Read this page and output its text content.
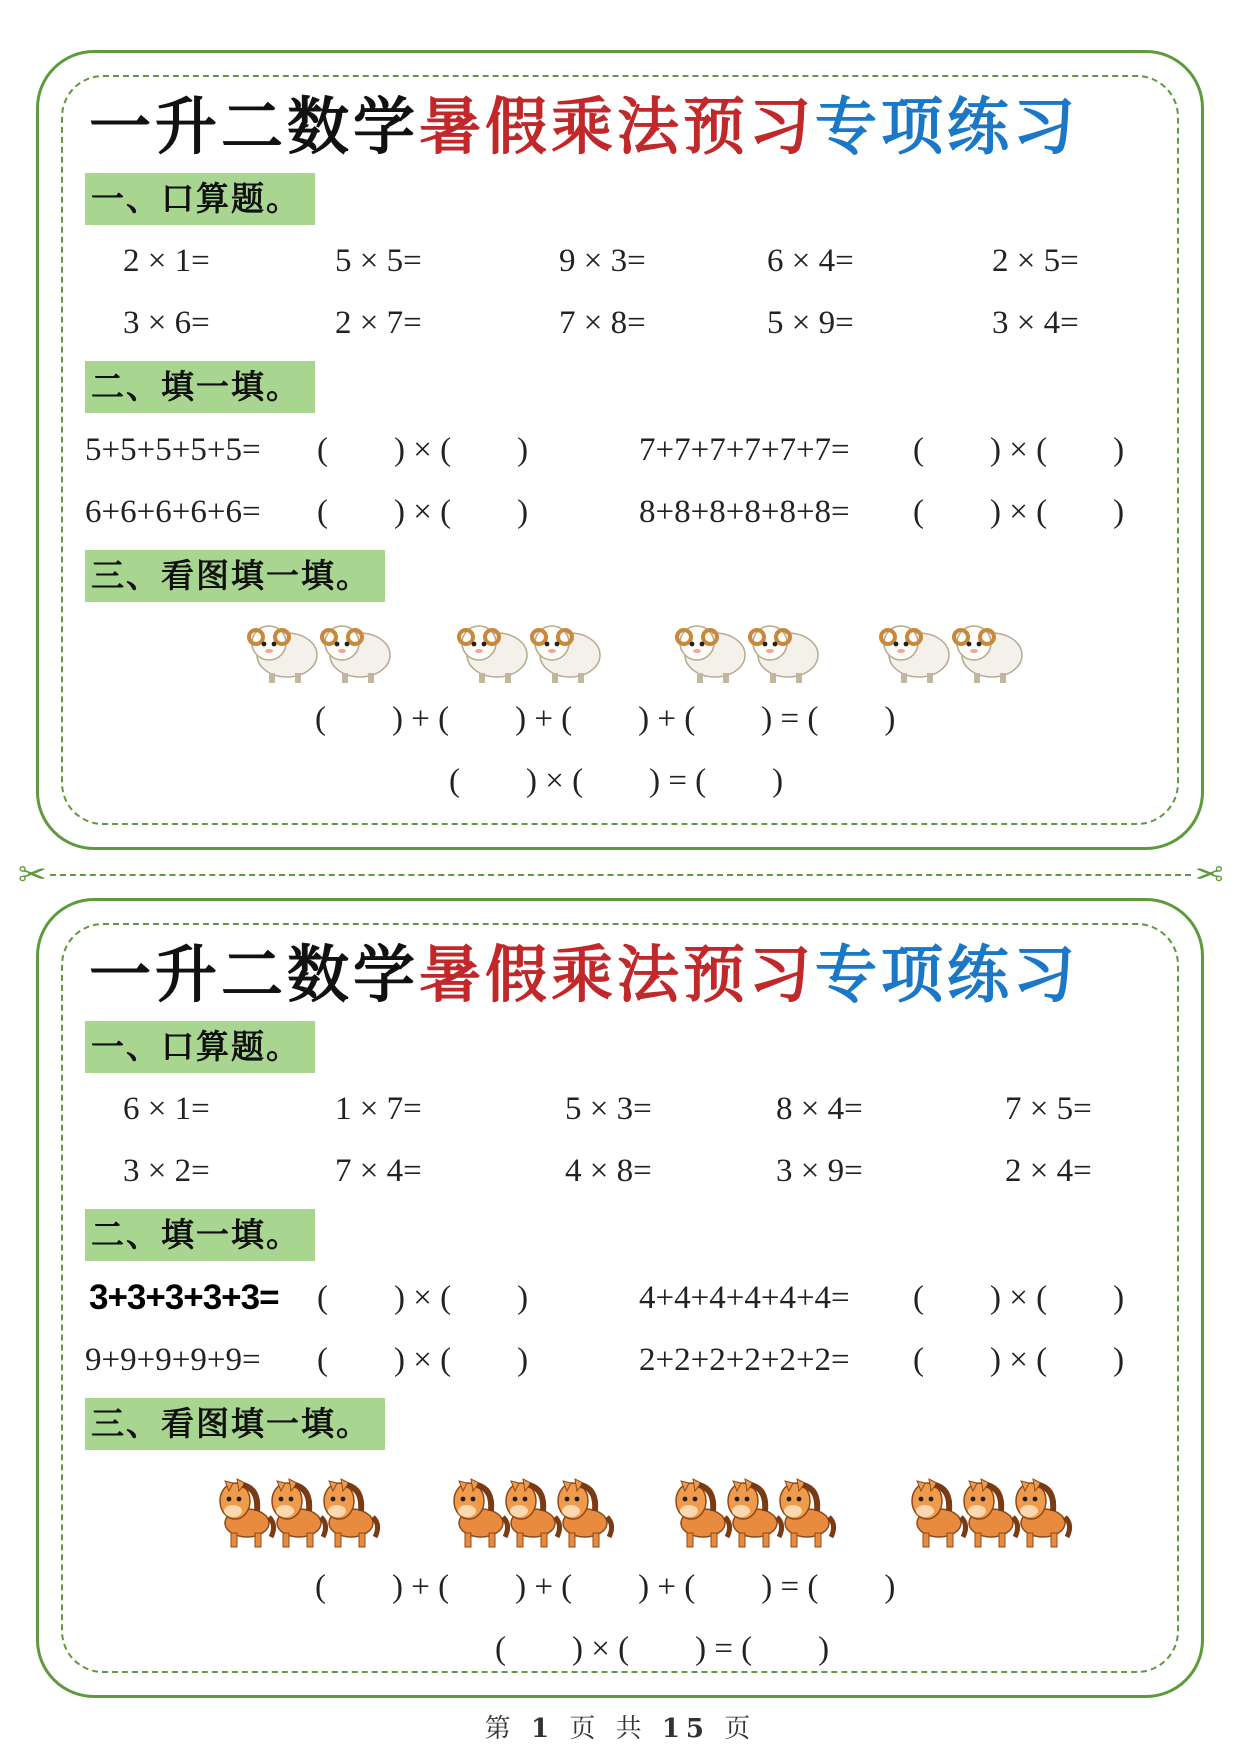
一升二数学暑假乘法预习专项练习
一、口算题。
2 × 1=	5 × 5=	9 × 3=	6 × 4=	2 × 5=
3 × 6=	2 × 7=	7 × 8=	5 × 9=	3 × 4=
二、填一填。
5+5+5+5+5= (　　) × (　　)	7+7+7+7+7+7= (　　) × (　　)
6+6+6+6+6= (　　) × (　　)	8+8+8+8+8+8= (　　) × (　　)
三、看图填一填。
(　　) + (　　) + (　　) + (　　) = (　　)
(　　) × (　　) = (　　)
✂	✂
一升二数学暑假乘法预习专项练习
一、口算题。
6 × 1=	1 × 7=	5 × 3=	8 × 4=	7 × 5=
3 × 2=	7 × 4=	4 × 8=	3 × 9=	2 × 4=
二、填一填。
3+3+3+3+3= (　　) × (　　)	4+4+4+4+4+4= (　　) × (　　)
9+9+9+9+9= (　　) × (　　)	2+2+2+2+2+2= (　　) × (　　)
三、看图填一填。
(　　) + (　　) + (　　) + (　　) = (　　)
(　　) × (　　) = (　　)
第 1 页 共 15 页
